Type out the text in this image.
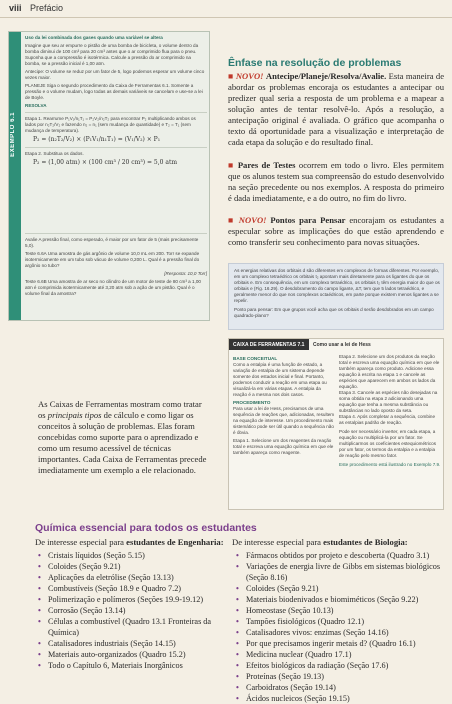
viii Prefácio
EXEMPLO 6.1

Uso da lei combinada dos gases quando uma variável se altera

Imagine que seu ar empurre o pistão de uma bomba de bicicleta, o volume dentro da bomba diminui de 100 cm³ para 20 cm³ antes que o ar comprimido flua para o pneu. Suponha que a compressão é isotérmica. Calcule a pressão do ar comprimido na bomba, se a pressão inicial é 1,00 atm.

Antecipe: O volume se reduz por um fator de 5, logo podemos esperar um volume cinco vezes maior.

PLANEJE Siga o segundo procedimento da Caixa de Ferramentas 6.1. Somente a pressão e o volume mudam, logo todas as demais variáveis se cancelam e use-se a lei de Boyle.

RESOLVA

Etapa 1. Rearrume P₁V₁/n₁T₁ = P₂V₂/n₂T₂ para encontrar P₂ multiplicando ambos os lados por n₂T₂/V₂ e fazendo n₂ = n₁ (sem mudança de quantidade) e T₂ = T₁ (sem mudança de temperatura).

P₂ = (n₂T₂/V₂) × (P₁V₁/n₁T₁) = (V₁/V₂) × P₁

Etapa 2. Substitua os dados.

P₂ = (1,00 atm) × (100 cm³ / 20 cm³) = 5,0 atm

Avalie A pressão final, como esperado, é maior por um fator de 5 (mais precisamente 5,0).

Teste 6.6A Uma amostra de gás argônio de volume 10,0 mL em 200. Torr se expande isotermicamente em um tubo sob vácuo de volume 0,200 L. Qual é a pressão final do argônio no tubo?

[Resposta: 10,0 Torr]

Teste 6.6B Uma amostra de ar seco no cilindro de um motor de teste de 80 cm³ a 1,00 atm é comprimida isotermicamente até 3,20 atm sob a ação de um pistão. Qual é o volume final da amostra?

Ênfase na resolução de problemas
■ NOVO! Antecipe/Planeje/Resolva/Avalie. Esta maneira de abordar os problemas encoraja os estudantes a antecipar ou predizer qual seria a resposta de um problema e a mapear a solução antes de tentar resolvê-lo. Após a resolução, a antecipação original é avaliada. O gráfico que acompanha o texto dá oportunidade para a visualização e interpretação de cada etapa da solução e do resultado final.
■ Pares de Testes ocorrem em todo o livro. Eles permitem que os alunos testem sua compreensão do estudo desenvolvido na seção precedente ou nos exemplos. A resposta do primeiro é dada imediatamente, e a do outro, no fim do livro.
■ NOVO! Pontos para Pensar encorajam os estudantes a especular sobre as implicações do que estão aprendendo e como transferir seu conhecimento para novas situações.

As energias relativas dos orbitais d são diferentes em complexos de formas diferentes. Por exemplo, em um complexo tetraédrico os orbitais t₂ apontam mais diretamente para os ligantes do que os orbitais e. Em consequência, em um complexo tetraédrico, os orbitais t₂ têm energia maior do que os orbitais e (Fig. 16.29). O desdobramento do campo ligante, ΔT, tem que 5 lados tetraédrico, e geralmente menor do que nos complexos octaédricos, em parte porque existem menos ligantes a se repelir.

Ponto para pensar: Em que grupos você acha que os orbitais d serão desdobrados em um campo quadrado-plano?

CAIXA DE FERRAMENTAS 7.1	Como usar a lei de Hess

BASE CONCEITUAL

Como a entalpia é uma função de estado, a variação de entalpia de um sistema depende somente dos estados inicial e final. Portanto, podemos conduzir a reação em uma etapa ou visualizá-la em várias etapas. A entalpia da reação é a mesma nos dois casos.

PROCEDIMENTO

Para usar a lei de Hess, precisamos de uma sequência de reações que, adicionadas, resultem na equação de interesse. Um procedimento mais sistemático pode ser útil quando a sequência não é óbvia.

Etapa 1. Selecione um dos reagentes da reação total e escreva uma equação química em que ele também apareça como reagente.

Etapa 2. Selecione um dos produtos da reação total e escreva uma equação química em que ele também apareça como produto. Adicione essa equação à escrita na etapa 1 e cancele as espécies que aparecem em ambos os lados da equação.

Etapa 3. Cancele as espécies não desejadas na soma obtida na etapa 2 adicionando uma equação que tenha a mesma substância ou substâncias no lado oposto da seta.

Etapa 4. Após completar a sequência, combine as entalpias padrão de reação.

Pode ser necessário inverter, em cada etapa, a equação ou multiplicá-la por um fator. Se multiplicarmos os coeficientes estequiométricos por um fator, os termos da entalpia e a entalpia de reação pelo mesmo fator.

Este procedimento está ilustrado no Exemplo 7.9.

As Caixas de Ferramentas mostram como tratar os principais tipos de cálculo e como ligar os conceitos à solução de problemas. Elas foram concebidas como suporte para o aprendizado e como um resumo acessível de técnicas importantes. Cada Caixa de Ferramentas precede imediatamente um exemplo a ele relacionado.
Química essencial para todos os estudantes
De interesse especial para estudantes de Engenharia:
• Cristais líquidos (Seção 5.15)
• Coloides (Seção 9.21)
• Aplicações da eletrólise (Seção 13.13)
• Combustíveis (Seção 18.9 e Quadro 7.2)
• Polimerização e polímeros (Seções 19.9-19.12)
• Corrosão (Seção 13.14)
• Células a combustível (Quadro 13.1 Fronteiras da Química)
• Catalisadores industriais (Seção 14.15)
• Materiais auto-organizados (Quadro 15.2)
• Todo o Capítulo 6, Materiais Inorgânicos
De interesse especial para estudantes de Biologia:
• Fármacos obtidos por projeto e descoberta (Quadro 3.1)
• Variações de energia livre de Gibbs em sistemas biológicos (Seção 8.16)
• Coloides (Seção 9.21)
• Materiais biodenivados e biomiméticos (Seção 9.22)
• Homeostase (Seção 10.13)
• Tampões fisiológicos (Quadro 12.1)
• Catalisadores vivos: enzimas (Seção 14.16)
• Por que precisamos ingerir metais d? (Quadro 16.1)
• Medicina nuclear (Quadro 17.1)
• Efeitos biológicos da radiação (Seção 17.6)
• Proteínas (Seção 19.13)
• Carboidratos (Seção 19.14)
• Ácidos nucleicos (Seção 19.15)
